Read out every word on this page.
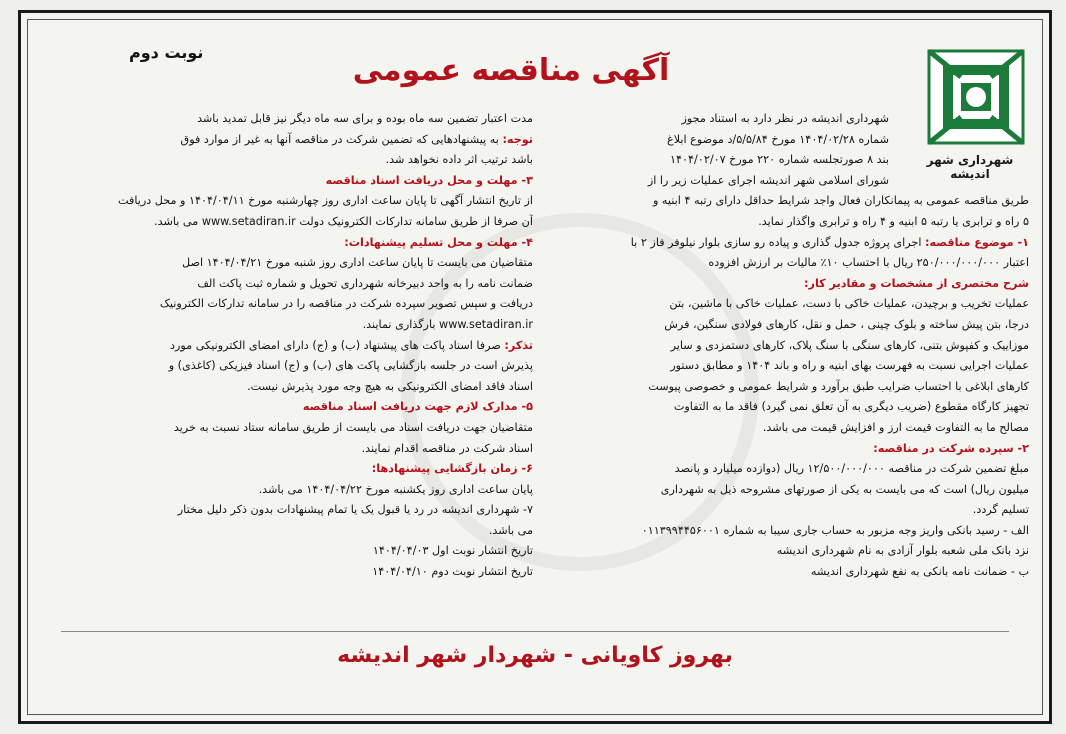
نوبت دوم
آگهی مناقصه عمومی
شهرداری شهر اندیشه
شهرداری اندیشه در نظر دارد به استناد مجوز
شماره ۱۴۰۴/۰۲/۲۸ مورخ ۵/۵/۸۴/د موضوع ابلاغ
بند ۸ صورتجلسه شماره ۲۲۰ مورخ ۱۴۰۴/۰۲/۰۷
شورای اسلامی شهر اندیشه اجرای عملیات زیر را از
طریق مناقصه عمومی به پیمانکاران فعال واجد شرایط حداقل دارای رتبه ۴ ابنیه و
۵ راه و ترابری یا رتبه ۵ ابنیه و ۴ راه و ترابری واگذار نماید.
۱- موضوع مناقصه: اجرای پروژه جدول گذاری و پیاده رو سازی بلوار نیلوفر فاز ۲ با
اعتبار ۲۵۰/۰۰۰/۰۰۰/۰۰۰ ریال با احتساب ۱۰٪ مالیات بر ارزش افزوده
شرح مختصری از مشخصات و مقادیر کار:
عملیات تخریب و برچیدن، عملیات خاکی با دست، عملیات خاکی با ماشین، بتن
درجا، بتن پیش ساخته و بلوک چینی ، حمل و نقل، کارهای فولادی سنگین، فرش
موزاییک و کفپوش بتنی، کارهای سنگی با سنگ پلاک، کارهای دستمزدی و سایر
عملیات اجرایی نسبت به فهرست بهای ابنیه و راه و باند ۱۴۰۴ و مطابق دستور
کارهای ابلاغی با احتساب ضرایب طبق برآورد و شرایط عمومی و خصوصی پیوست
تجهیز کارگاه مقطوع (ضریب دیگری به آن تعلق نمی گیرد) فاقد ما به التفاوت
مصالح ما به التفاوت قیمت ارز و افزایش قیمت می باشد.
۲- سپرده شرکت در مناقصه:
مبلغ تضمین شرکت در مناقصه ۱۲/۵۰۰/۰۰۰/۰۰۰ ریال (دوازده میلیارد و پانصد
میلیون ریال) است که می بایست به یکی از صورتهای مشروحه ذیل به شهرداری
تسلیم گردد.
الف - رسید بانکی واریز وجه مزبور به حساب جاری سیبا به شماره ۰۱۱۳۹۹۴۴۵۶۰۰۱
نزد بانک ملی شعبه بلوار آزادی به نام شهرداری اندیشه
ب - ضمانت نامه بانکی به نفع شهرداری اندیشه
مدت اعتبار تضمین سه ماه بوده و برای سه ماه دیگر نیز قابل تمدید باشد
توجه: به پیشنهادهایی که تضمین شرکت در مناقصه آنها به غیر از موارد فوق
باشد ترتیب اثر داده نخواهد شد.
۳- مهلت و محل دریافت اسناد مناقصه
از تاریخ انتشار آگهی تا پایان ساعت اداری روز چهارشنبه مورخ ۱۴۰۴/۰۴/۱۱ و محل دریافت
آن صرفا از طریق سامانه تدارکات الکترونیک دولت www.setadiran.ir می باشد.
۴- مهلت و محل تسلیم پیشنهادات:
متقاضیان می بایست تا پایان ساعت اداری روز شنبه مورخ ۱۴۰۴/۰۴/۲۱ اصل
ضمانت نامه را به واحد دبیرخانه شهرداری تحویل و شماره ثبت پاکت الف
دریافت و سپس تصویر سپرده شرکت در مناقصه را در سامانه تدارکات الکترونیک
www.setadiran.ir بارگذاری نمایند.
تذکر: صرفا اسناد پاکت های پیشنهاد (ب) و (ج) دارای امضای الکترونیکی مورد
پذیرش است در جلسه بازگشایی پاکت های (ب) و (ج) اسناد فیزیکی (کاغذی) و
اسناد فاقد امضای الکترونیکی به هیچ وجه مورد پذیرش نیست.
۵- مدارک لازم جهت دریافت اسناد مناقصه
متقاضیان جهت دریافت اسناد می بایست از طریق سامانه ستاد نسبت به خرید
اسناد شرکت در مناقصه اقدام نمایند.
۶- زمان بازگشایی پیشنهادها:
پایان ساعت اداری روز یکشنبه مورخ ۱۴۰۴/۰۴/۲۲ می باشد.
۷- شهرداری اندیشه در رد یا قبول یک یا تمام پیشنهادات بدون ذکر دلیل مختار
می باشد.
تاریخ انتشار نوبت اول ۱۴۰۴/۰۴/۰۳
تاریخ انتشار نوبت دوم ۱۴۰۴/۰۴/۱۰
بهروز کاویانی - شهردار شهر اندیشه
